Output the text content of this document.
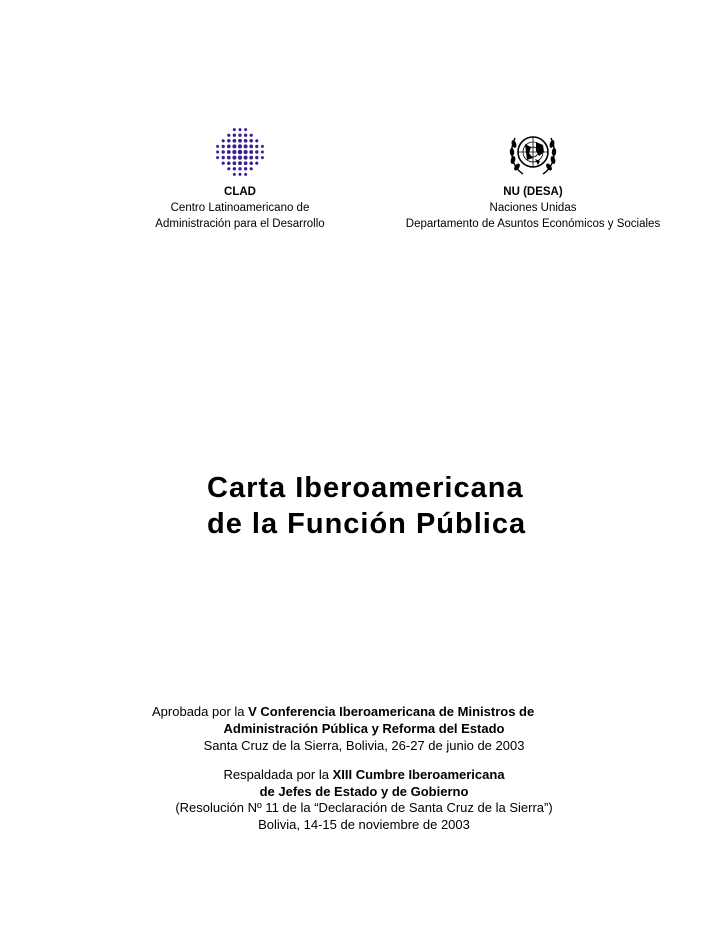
CLAD
Centro Latinoamericano de
Administración para el Desarrollo
NU (DESA)
Naciones Unidas
Departamento de Asuntos Económicos y Sociales
Carta Iberoamericana
de la Función Pública
Aprobada por la V Conferencia Iberoamericana de Ministros de
Administración Pública y Reforma del Estado
Santa Cruz de la Sierra, Bolivia, 26-27 de junio de 2003
Respaldada por la XIII Cumbre Iberoamericana
de Jefes de Estado y de Gobierno
(Resolución Nº 11 de la “Declaración de Santa Cruz de la Sierra”)
Bolivia, 14-15 de noviembre de 2003
